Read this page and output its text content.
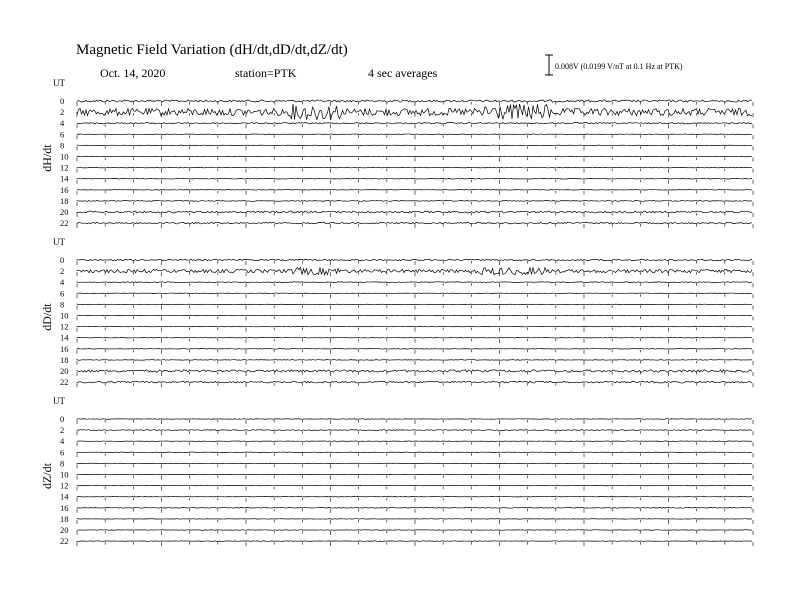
Magnetic Field Variation (dH/dt,dD/dt,dZ/dt)
Oct. 14, 2020	station=PTK	4 sec averages	0.008V (0.0199 V/nT at 0.1 Hz at PTK)
UT
dH/dt
0
2
4
6
8
10
12
14
16
18
20
22
UT
dD/dt
0
2
4
6
8
10
12
14
16
18
20
22
UT
dZ/dt
0
2
4
6
8
10
12
14
16
18
20
22
